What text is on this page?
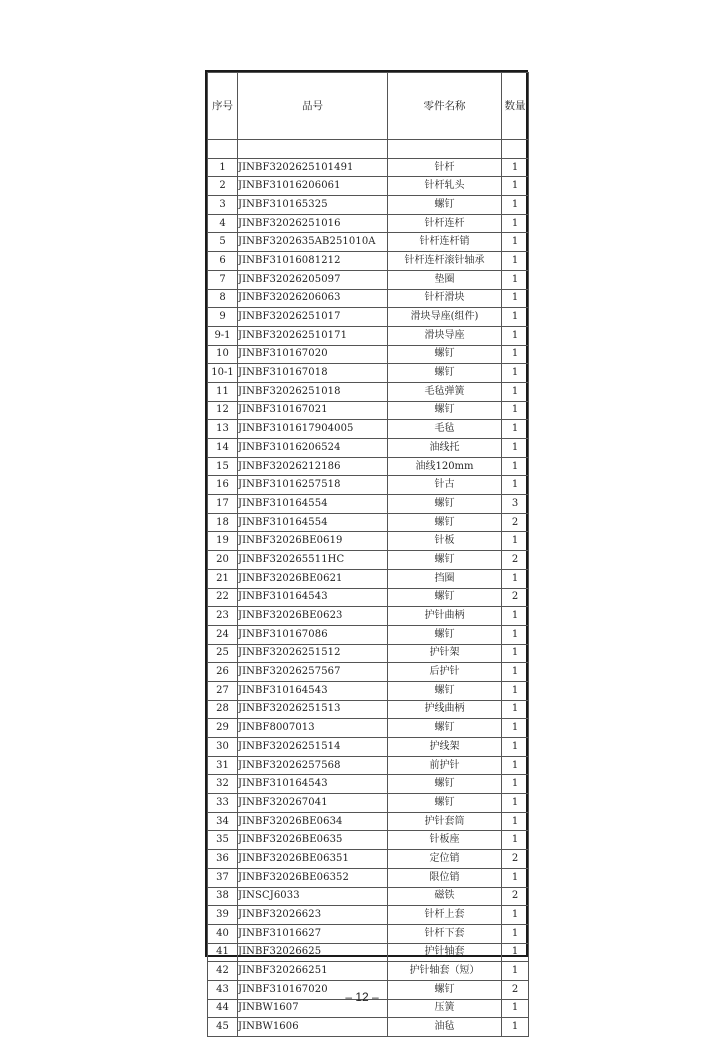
序号	品号	零件名称	数量

1	JINBF3202625101491	针杆	1
2	JINBF31016206061	针杆轧头	1
3	JINBF310165325	螺钉	1
4	JINBF32026251016	针杆连杆	1
5	JINBF3202635AB251010A	针杆连杆销	1
6	JINBF31016081212	针杆连杆滚针轴承	1
7	JINBF32026205097	垫圈	1
8	JINBF32026206063	针杆滑块	1
9	JINBF32026251017	滑块导座(组件)	1
9-1	JINBF320262510171	滑块导座	1
10	JINBF310167020	螺钉	1
10-1	JINBF310167018	螺钉	1
11	JINBF32026251018	毛毡弹簧	1
12	JINBF310167021	螺钉	1
13	JINBF3101617904005	毛毡	1
14	JINBF31016206524	油线托	1
15	JINBF32026212186	油线120mm	1
16	JINBF31016257518	针古	1
17	JINBF310164554	螺钉	3
18	JINBF310164554	螺钉	2
19	JINBF32026BE0619	针板	1
20	JINBF320265511HC	螺钉	2
21	JINBF32026BE0621	挡圈	1
22	JINBF310164543	螺钉	2
23	JINBF32026BE0623	护针曲柄	1
24	JINBF310167086	螺钉	1
25	JINBF32026251512	护针架	1
26	JINBF32026257567	后护针	1
27	JINBF310164543	螺钉	1
28	JINBF32026251513	护线曲柄	1
29	JINBF8007013	螺钉	1
30	JINBF32026251514	护线架	1
31	JINBF32026257568	前护针	1
32	JINBF310164543	螺钉	1
33	JINBF320267041	螺钉	1
34	JINBF32026BE0634	护针套筒	1
35	JINBF32026BE0635	针板座	1
36	JINBF32026BE06351	定位销	2
37	JINBF32026BE06352	限位销	1
38	JINSCJ6033	磁铁	2
39	JINBF32026623	针杆上套	1
40	JINBF31016627	针杆下套	1
41	JINBF32026625	护针轴套	1
42	JINBF320266251	护针轴套（短）	1
43	JINBF310167020	螺钉	2
44	JINBW1607	压簧	1
45	JINBW1606	油毡	1
– 12 –
